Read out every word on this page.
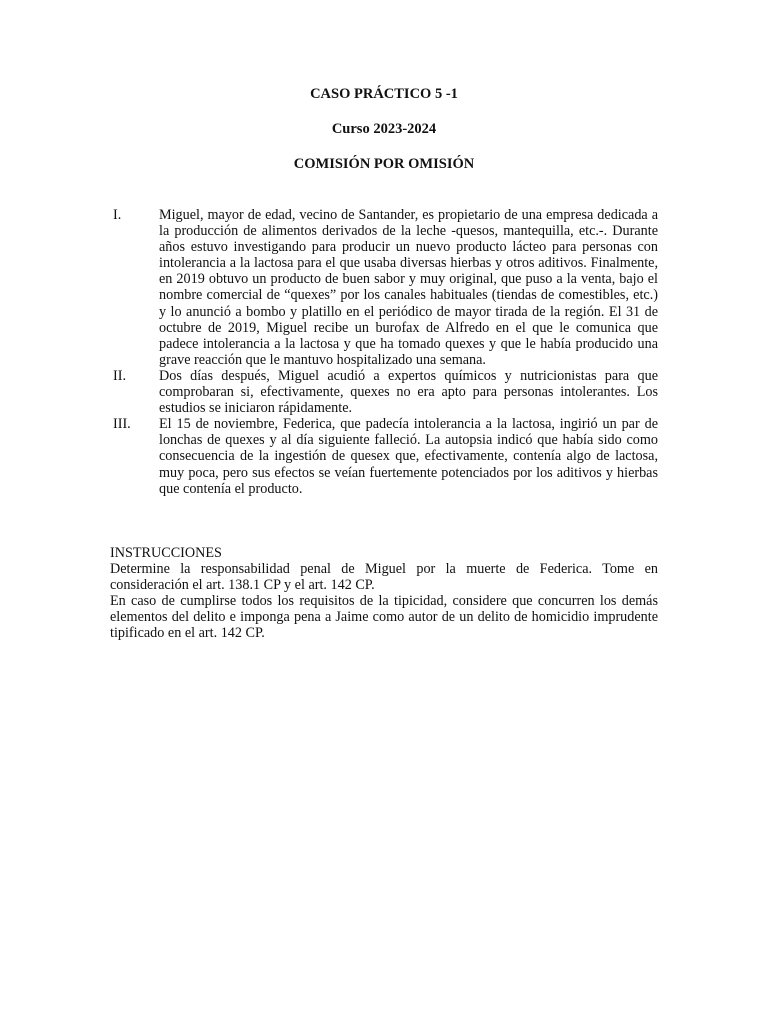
CASO PRÁCTICO 5 -1
Curso 2023-2024
COMISIÓN POR OMISIÓN
I.	Miguel, mayor de edad, vecino de Santander, es propietario de una empresa dedicada a la producción de alimentos derivados de la leche -quesos, mantequilla, etc.-. Durante años estuvo investigando para producir un nuevo producto lácteo para personas con intolerancia a la lactosa para el que usaba diversas hierbas y otros aditivos. Finalmente, en 2019 obtuvo un producto de buen sabor y muy original, que puso a la venta, bajo el nombre comercial de “quexes” por los canales habituales (tiendas de comestibles, etc.) y lo anunció a bombo y platillo en el periódico de mayor tirada de la región. El 31 de octubre de 2019, Miguel recibe un burofax de Alfredo en el que le comunica que padece intolerancia a la lactosa y que ha tomado quexes y que le había producido una grave reacción que le mantuvo hospitalizado una semana.
II.	Dos días después, Miguel acudió a expertos químicos y nutricionistas para que comprobaran si, efectivamente, quexes no era apto para personas intolerantes. Los estudios se iniciaron rápidamente.
III.	El 15 de noviembre, Federica, que padecía intolerancia a la lactosa, ingirió un par de lonchas de quexes y al día siguiente falleció. La autopsia indicó que había sido como consecuencia de la ingestión de quesex que, efectivamente, contenía algo de lactosa, muy poca, pero sus efectos se veían fuertemente potenciados por los aditivos y hierbas que contenía el producto.

INSTRUCCIONES

Determine la responsabilidad penal de Miguel por la muerte de Federica. Tome en consideración el art. 138.1 CP y el art. 142 CP.

En caso de cumplirse todos los requisitos de la tipicidad, considere que concurren los demás elementos del delito e imponga pena a Jaime como autor de un delito de homicidio imprudente tipificado en el art. 142 CP.
